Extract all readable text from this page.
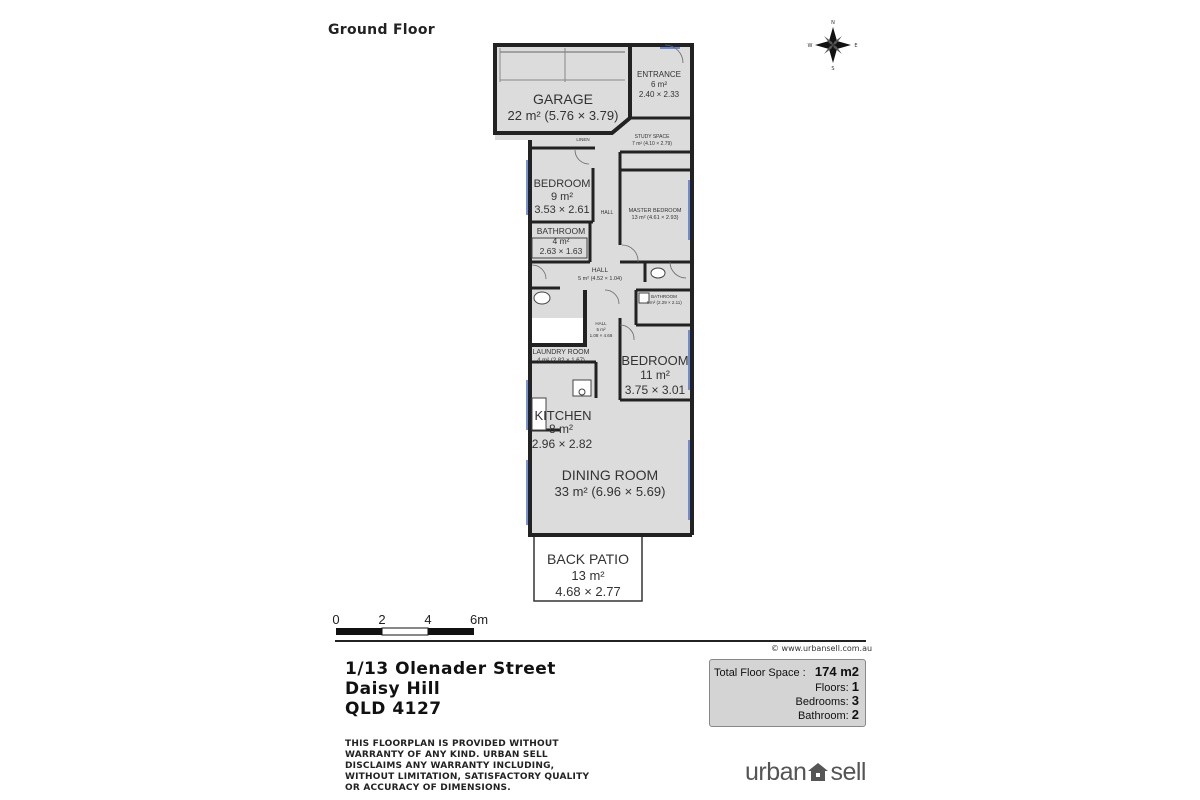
Ground Floor	N
S
E
W
GARAGE
22 m² (5.76 × 3.79)
ENTRANCE
6 m²
2.40 × 2.33
STUDY SPACE
7 m² (4.10 × 2.79)
LINEN
BEDROOM
9 m²
3.53 × 2.61 HALL	MASTER BEDROOM
13 m² (4.61 × 2.93)
BATHROOM
4 m²
2.63 × 1.63
HALL
5 m² (4.52 × 1.04)
BATHROOM
4 m² (2.29 × 2.11)
HALL
5 m²
1.08 × 4.68
LAUNDRY ROOM
4 m² (2.82 × 1.67)	BEDROOM
11 m²
3.75 × 3.01
KITCHEN
8 m²
2.96 × 2.82
DINING ROOM
33 m² (6.96 × 5.69)
BACK PATIO
13 m²
4.68 × 2.77
0	2	4	6m
© www.urbansell.com.au
1/13 Olenader Street
Daisy Hill
QLD 4127
Total Floor Space : 174 m2
Floors: 1
Bedrooms: 3
Bathroom: 2
THIS FLOORPLAN IS PROVIDED WITHOUT WARRANTY OF ANY KIND. URBAN SELL DISCLAIMS ANY WARRANTY INCLUDING, WITHOUT LIMITATION, SATISFACTORY QUALITY OR ACCURACY OF DIMENSIONS.
urban sell
